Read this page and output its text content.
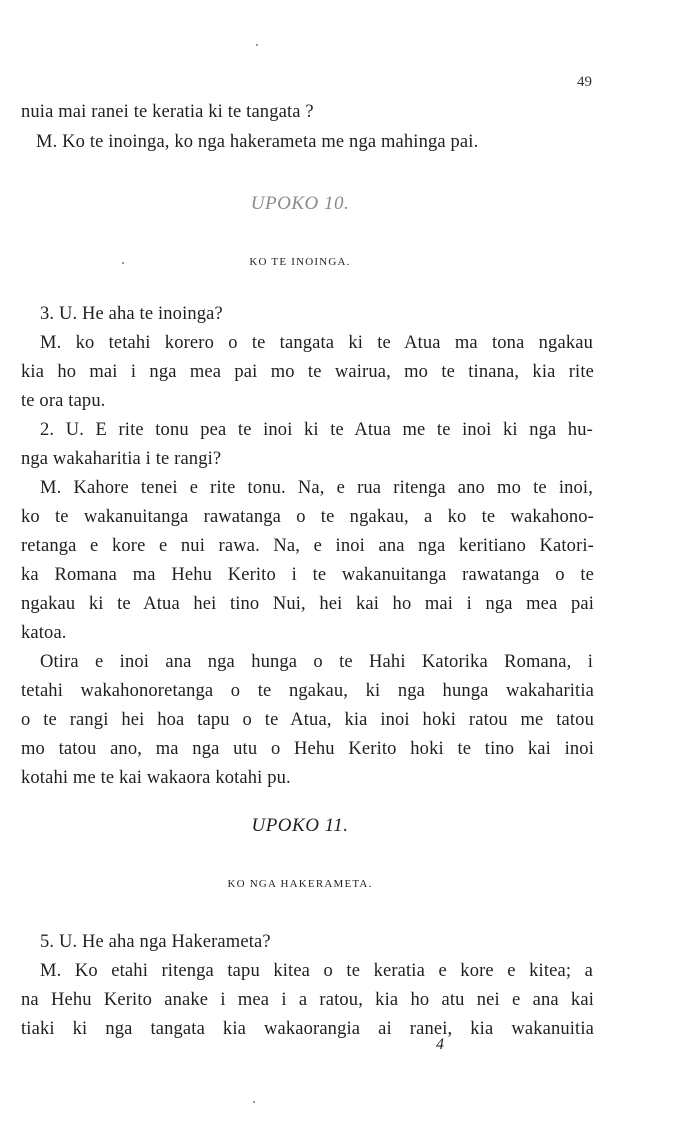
49
nuia mai ranei te keratia ki te tangata ?
M. Ko te inoinga, ko nga hakerameta me nga mahinga pai.
UPOKO 10.
KO TE INOINGA.
3. U. He aha te inoinga?
M. ko tetahi korero o te tangata ki te Atua ma tona ngakau
kia ho mai i nga mea pai mo te wairua, mo te tinana, kia rite
te ora tapu.
2. U. E rite tonu pea te inoi ki te Atua me te inoi ki nga hu-
nga wakaharitia i te rangi?
M. Kahore tenei e rite tonu. Na, e rua ritenga ano mo te inoi,
ko te wakanuitanga rawatanga o te ngakau, a ko te wakahono-
retanga e kore e nui rawa. Na, e inoi ana nga keritiano Katori-
ka Romana ma Hehu Kerito i te wakanuitanga rawatanga o te
ngakau ki te Atua hei tino Nui, hei kai ho mai i nga mea pai
katoa.
Otira e inoi ana nga hunga o te Hahi Katorika Romana, i
tetahi wakahonoretanga o te ngakau, ki nga hunga wakaharitia
o te rangi hei hoa tapu o te Atua, kia inoi hoki ratou me tatou
mo tatou ano, ma nga utu o Hehu Kerito hoki te tino kai inoi
kotahi me te kai wakaora kotahi pu.
UPOKO 11.
KO NGA HAKERAMETA.
5. U. He aha nga Hakerameta?
M. Ko etahi ritenga tapu kitea o te keratia e kore e kitea; a
na Hehu Kerito anake i mea i a ratou, kia ho atu nei e ana kai
tiaki ki nga tangata kia wakaorangia ai ranei, kia wakanuitia
4
